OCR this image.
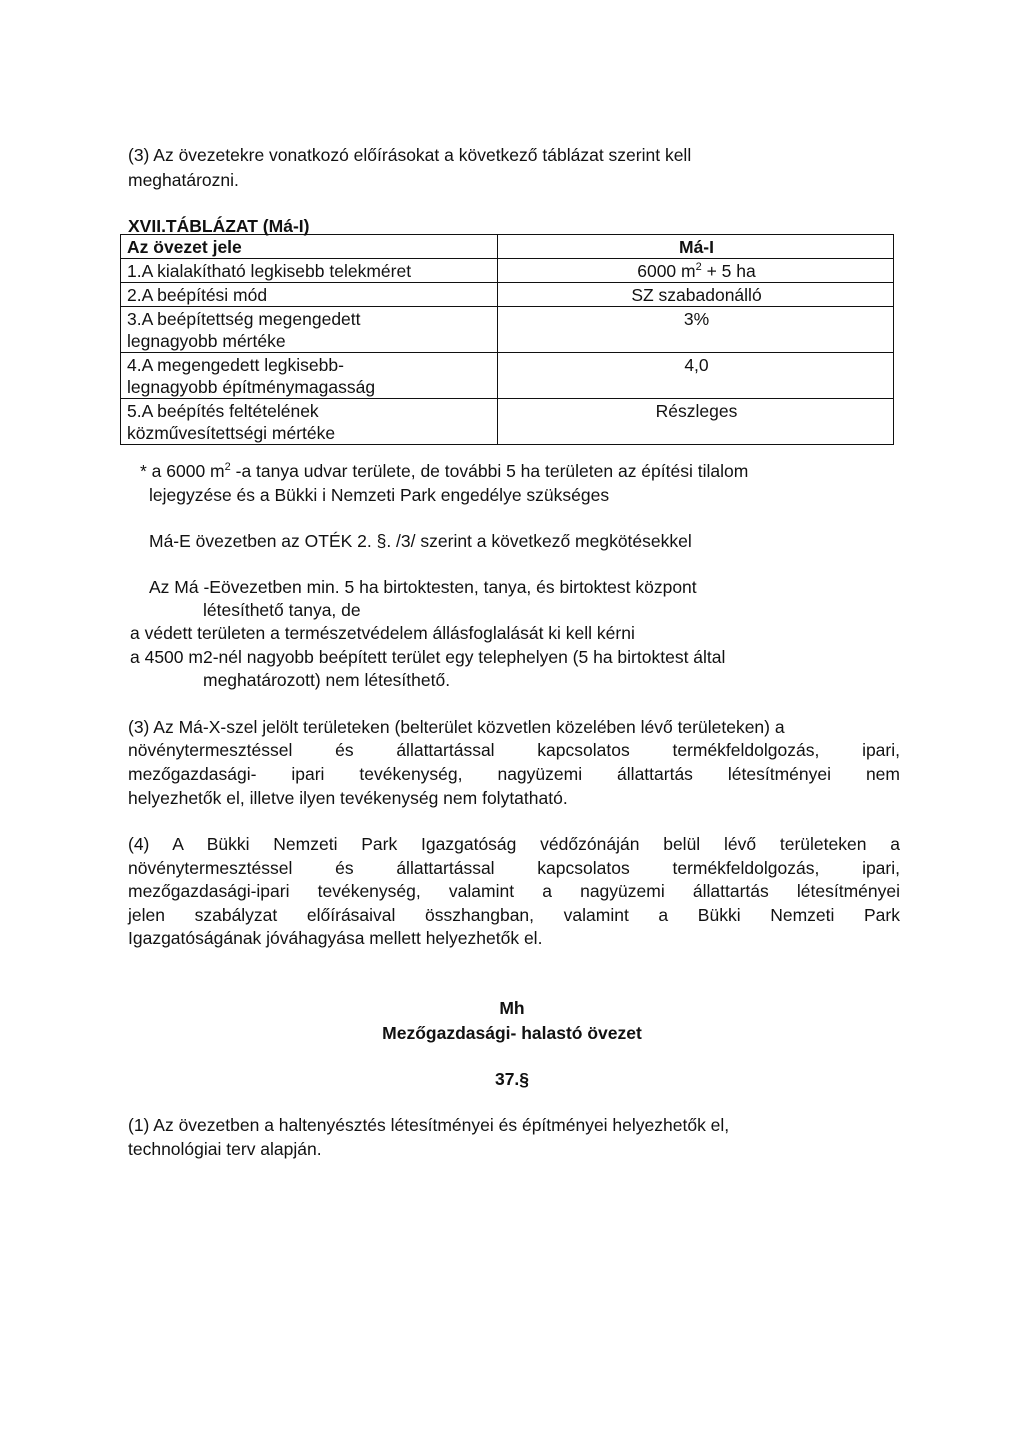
(3) Az övezetekre vonatkozó előírásokat a következő táblázat szerint kell
meghatározni.
XVII.TÁBLÁZAT (Má-I)
Az övezet jele	Má-I
1.A kialakítható legkisebb telekméret	6000 $m^2 + 5$ ha
2.A beépítési mód	SZ szabadonálló

3.A beépítettség megengedett
legnagyobb mértéke	3%

4.A megengedett legkisebb-
legnagyobb építménymagasság	4,0

5.A beépítés feltételének
közművesítettségi mértéke	Részleges
* a 6000 $m^2$ -a tanya udvar területe, de további 5 ha területen az építési tilalom
lejegyzése és a Bükki i Nemzeti Park engedélye szükséges
Má-E övezetben az OTÉK 2. §. /3/ szerint a következő megkötésekkel
Az Má -Eövezetben min. 5 ha birtoktesten, tanya, és birtoktest központ
létesíthető tanya, de
a védett területen a természetvédelem állásfoglalását ki kell kérni
a 4500 m2-nél nagyobb beépített terület egy telephelyen (5 ha birtoktest által
meghatározott) nem létesíthető.
(3) Az Má-X-szel jelölt területeken (belterület közvetlen közelében lévő területeken) a
növénytermesztéssel és állattartással kapcsolatos termékfeldolgozás, ipari,
mezőgazdasági- ipari tevékenység, nagyüzemi állattartás létesítményei nem
helyezhetők el, illetve ilyen tevékenység nem folytatható.
(4) A Bükki Nemzeti Park Igazgatóság védőzónáján belül lévő területeken a
növénytermesztéssel és állattartással kapcsolatos termékfeldolgozás, ipari,
mezőgazdasági-ipari tevékenység, valamint a nagyüzemi állattartás létesítményei
jelen szabályzat előírásaival összhangban, valamint a Bükki Nemzeti Park
Igazgatóságának jóváhagyása mellett helyezhetők el.
Mh
Mezőgazdasági- halastó övezet
37.§
(1) Az övezetben a haltenyésztés létesítményei és építményei helyezhetők el,
technológiai terv alapján.
